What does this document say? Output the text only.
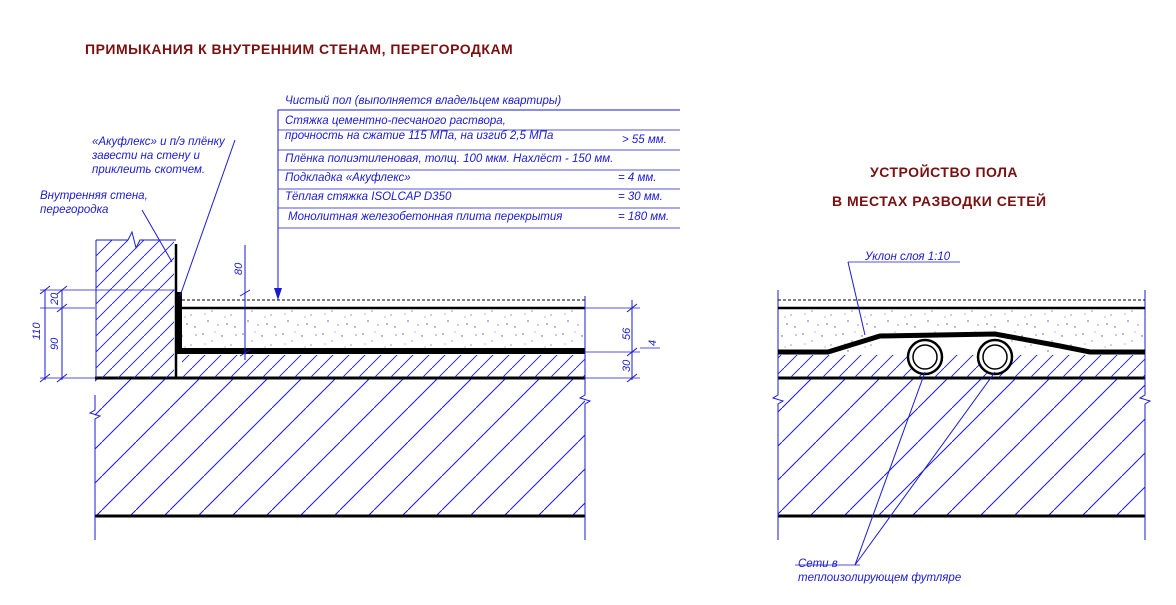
80
110
20
90
56
30
4
ПРИМЫКАНИЯ К ВНУТРЕННИМ СТЕНАМ, ПЕРЕГОРОДКАМ
УСТРОЙСТВО ПОЛА
В МЕСТАХ РАЗВОДКИ СЕТЕЙ
«Акуфлекс» и п/э плёнку
завести на стену и
приклеить скотчем.
Внутренняя стена,
перегородка
Чистый пол (выполняется владельцем квартиры)
Стяжка цементно-песчаного раствора,
прочность на сжатие 115 МПа, на изгиб 2,5 МПа	> 55 мм.
Плёнка полиэтиленовая, толщ. 100 мкм. Нахлёст - 150 мм.
Подкладка «Акуфлекс»	= 4 мм.
Тёплая стяжка ISOLCAP D350	= 30 мм.
Монолитная железобетонная плита перекрытия	= 180 мм.
Уклон слоя 1:10
Сети в
теплоизолирующем футляре
